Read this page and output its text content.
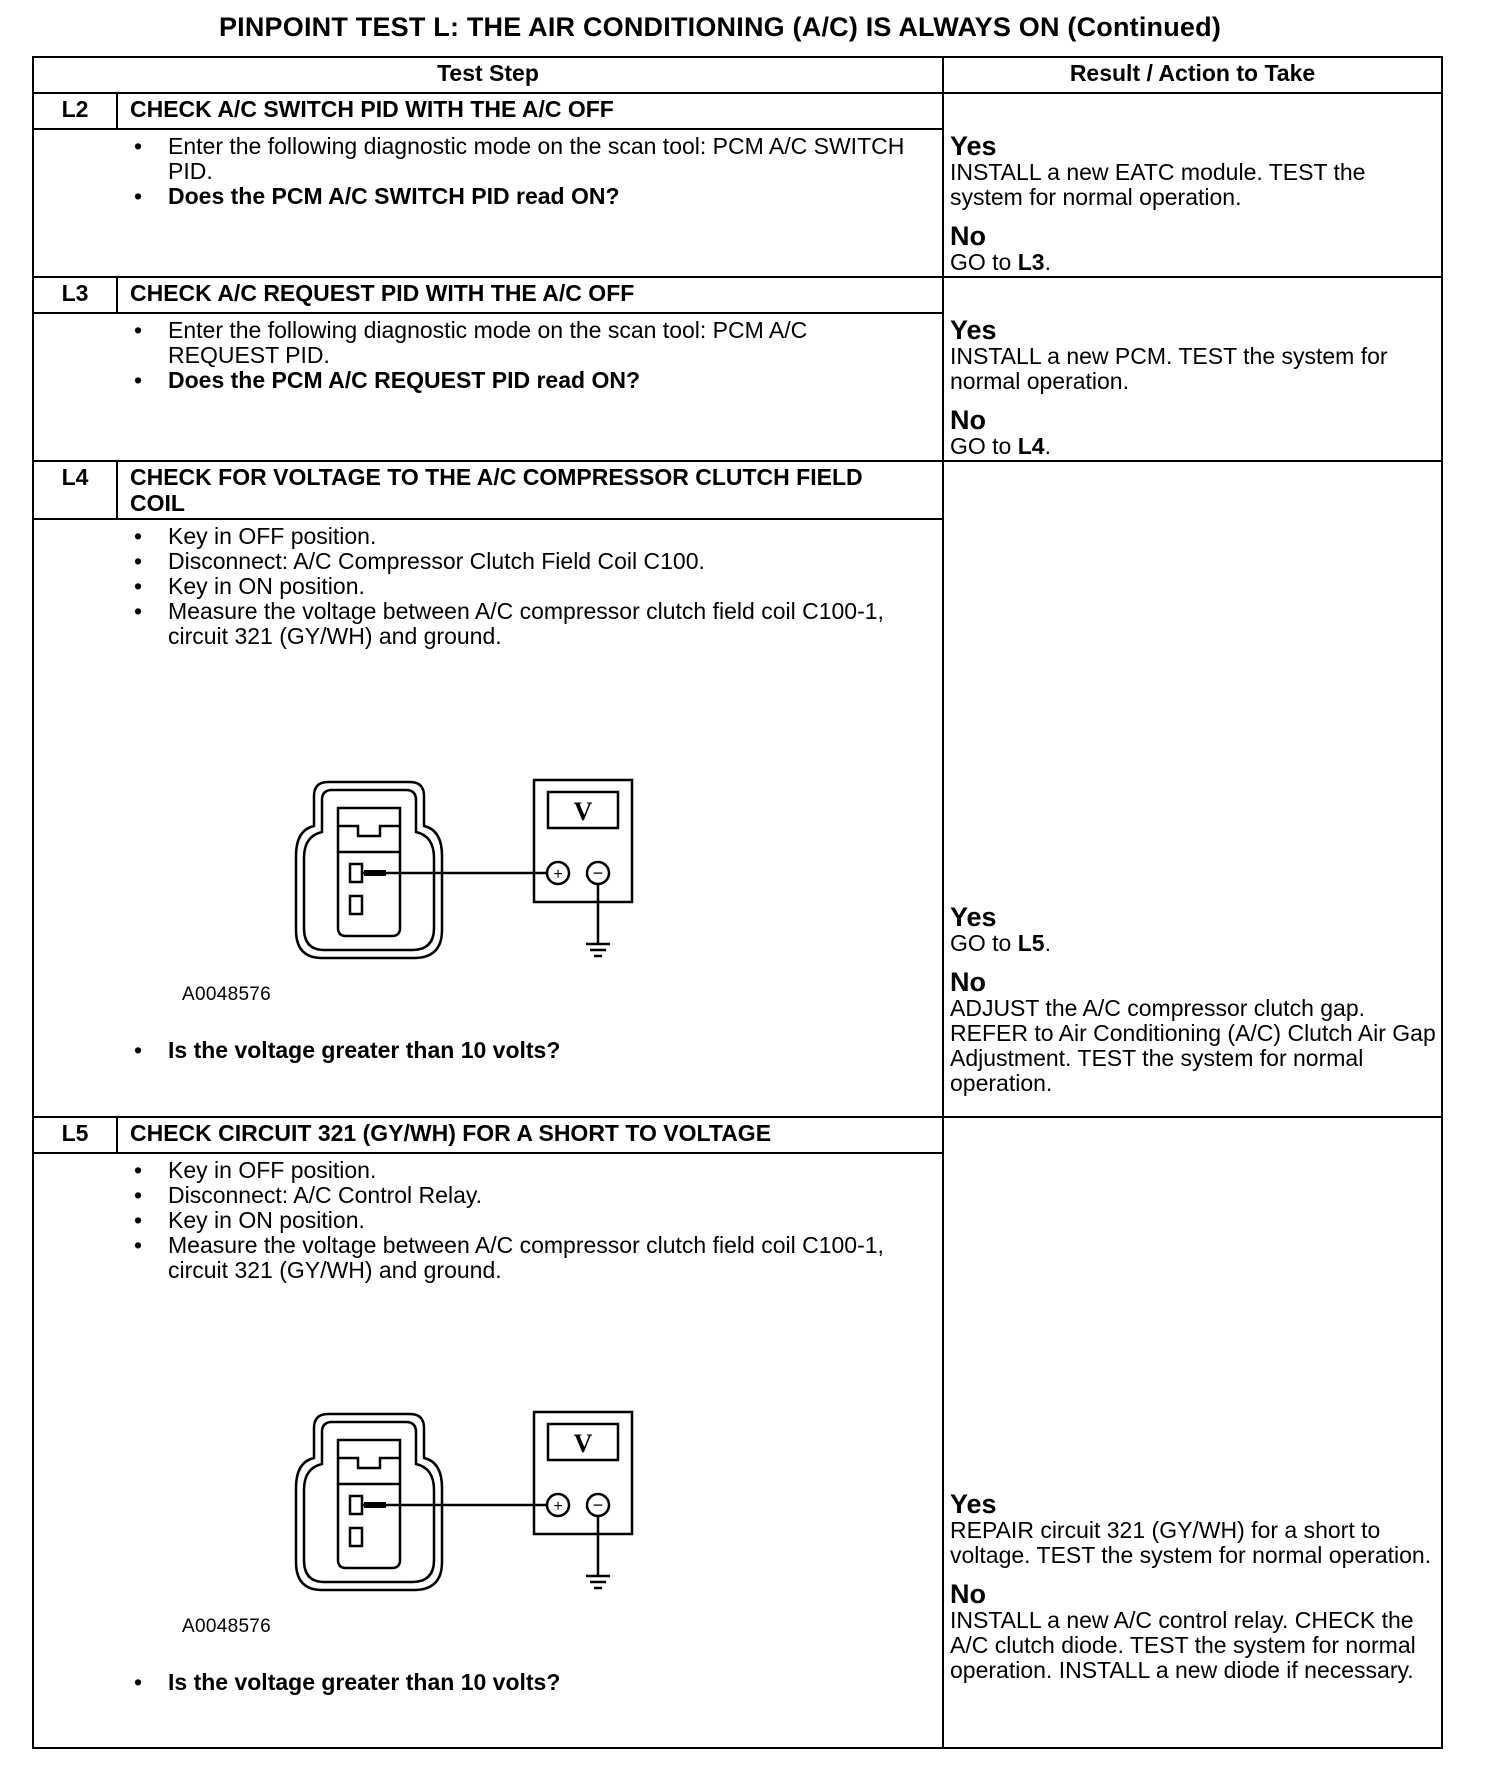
PINPOINT TEST L: THE AIR CONDITIONING (A/C) IS ALWAYS ON (Continued)
Test Step	Result / Action to Take
L2	CHECK A/C SWITCH PID WITH THE A/C OFF
• Enter the following diagnostic mode on the scan tool: PCM A/C SWITCH PID.
• Does the PCM A/C SWITCH PID read ON?
Yes
INSTALL a new EATC module. TEST the system for normal operation.
No
GO to L3.
L3	CHECK A/C REQUEST PID WITH THE A/C OFF
• Enter the following diagnostic mode on the scan tool: PCM A/C REQUEST PID.
• Does the PCM A/C REQUEST PID read ON?
Yes
INSTALL a new PCM. TEST the system for normal operation.
No
GO to L4.
L4	CHECK FOR VOLTAGE TO THE A/C COMPRESSOR CLUTCH FIELD COIL
• Key in OFF position.
• Disconnect: A/C Compressor Clutch Field Coil C100.
• Key in ON position.
• Measure the voltage between A/C compressor clutch field coil C100-1, circuit 321 (GY/WH) and ground.
+ −
V
A0048576
• Is the voltage greater than 10 volts?
Yes
GO to L5.
No
ADJUST the A/C compressor clutch gap. REFER to Air Conditioning (A/C) Clutch Air Gap Adjustment. TEST the system for normal operation.
L5	CHECK CIRCUIT 321 (GY/WH) FOR A SHORT TO VOLTAGE
• Key in OFF position.
• Disconnect: A/C Control Relay.
• Key in ON position.
• Measure the voltage between A/C compressor clutch field coil C100-1, circuit 321 (GY/WH) and ground.
+ −
V
A0048576
• Is the voltage greater than 10 volts?
Yes
REPAIR circuit 321 (GY/WH) for a short to voltage. TEST the system for normal operation.
No
INSTALL a new A/C control relay. CHECK the A/C clutch diode. TEST the system for normal operation. INSTALL a new diode if necessary.
